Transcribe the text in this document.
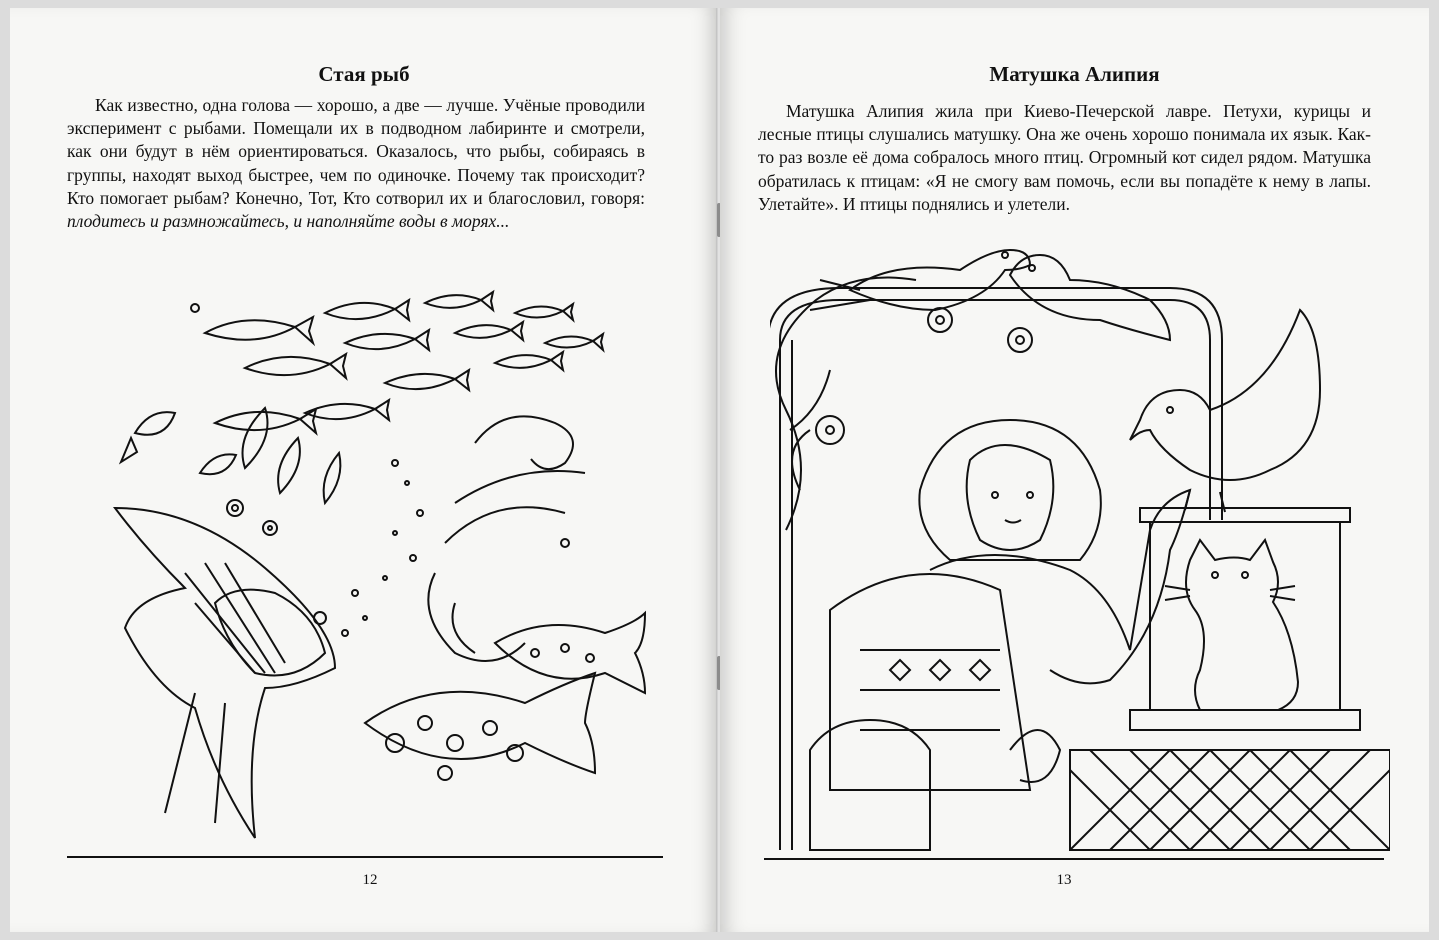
Стая рыб

Как известно, одна голова — хорошо, а две — лучше. Учёные проводили эксперимент с рыбами. Помещали их в подводном лабиринте и смотрели, как они будут в нём ориентироваться. Оказалось, что рыбы, собираясь в группы, находят выход быстрее, чем по одиночке. Почему так происходит? Кто помогает рыбам? Конечно, Тот, Кто сотворил их и благословил, говоря: плодитесь и размножайтесь, и наполняйте воды в морях...

12
Матушка Алипия

Матушка Алипия жила при Киево-Печерской лавре. Петухи, курицы и лесные птицы слушались матушку. Она же очень хорошо понимала их язык. Как-то раз возле её дома собралось много птиц. Огромный кот сидел рядом. Матушка обратилась к птицам: «Я не смогу вам помочь, если вы попадёте к нему в лапы. Улетайте». И птицы поднялись и улетели.

13
